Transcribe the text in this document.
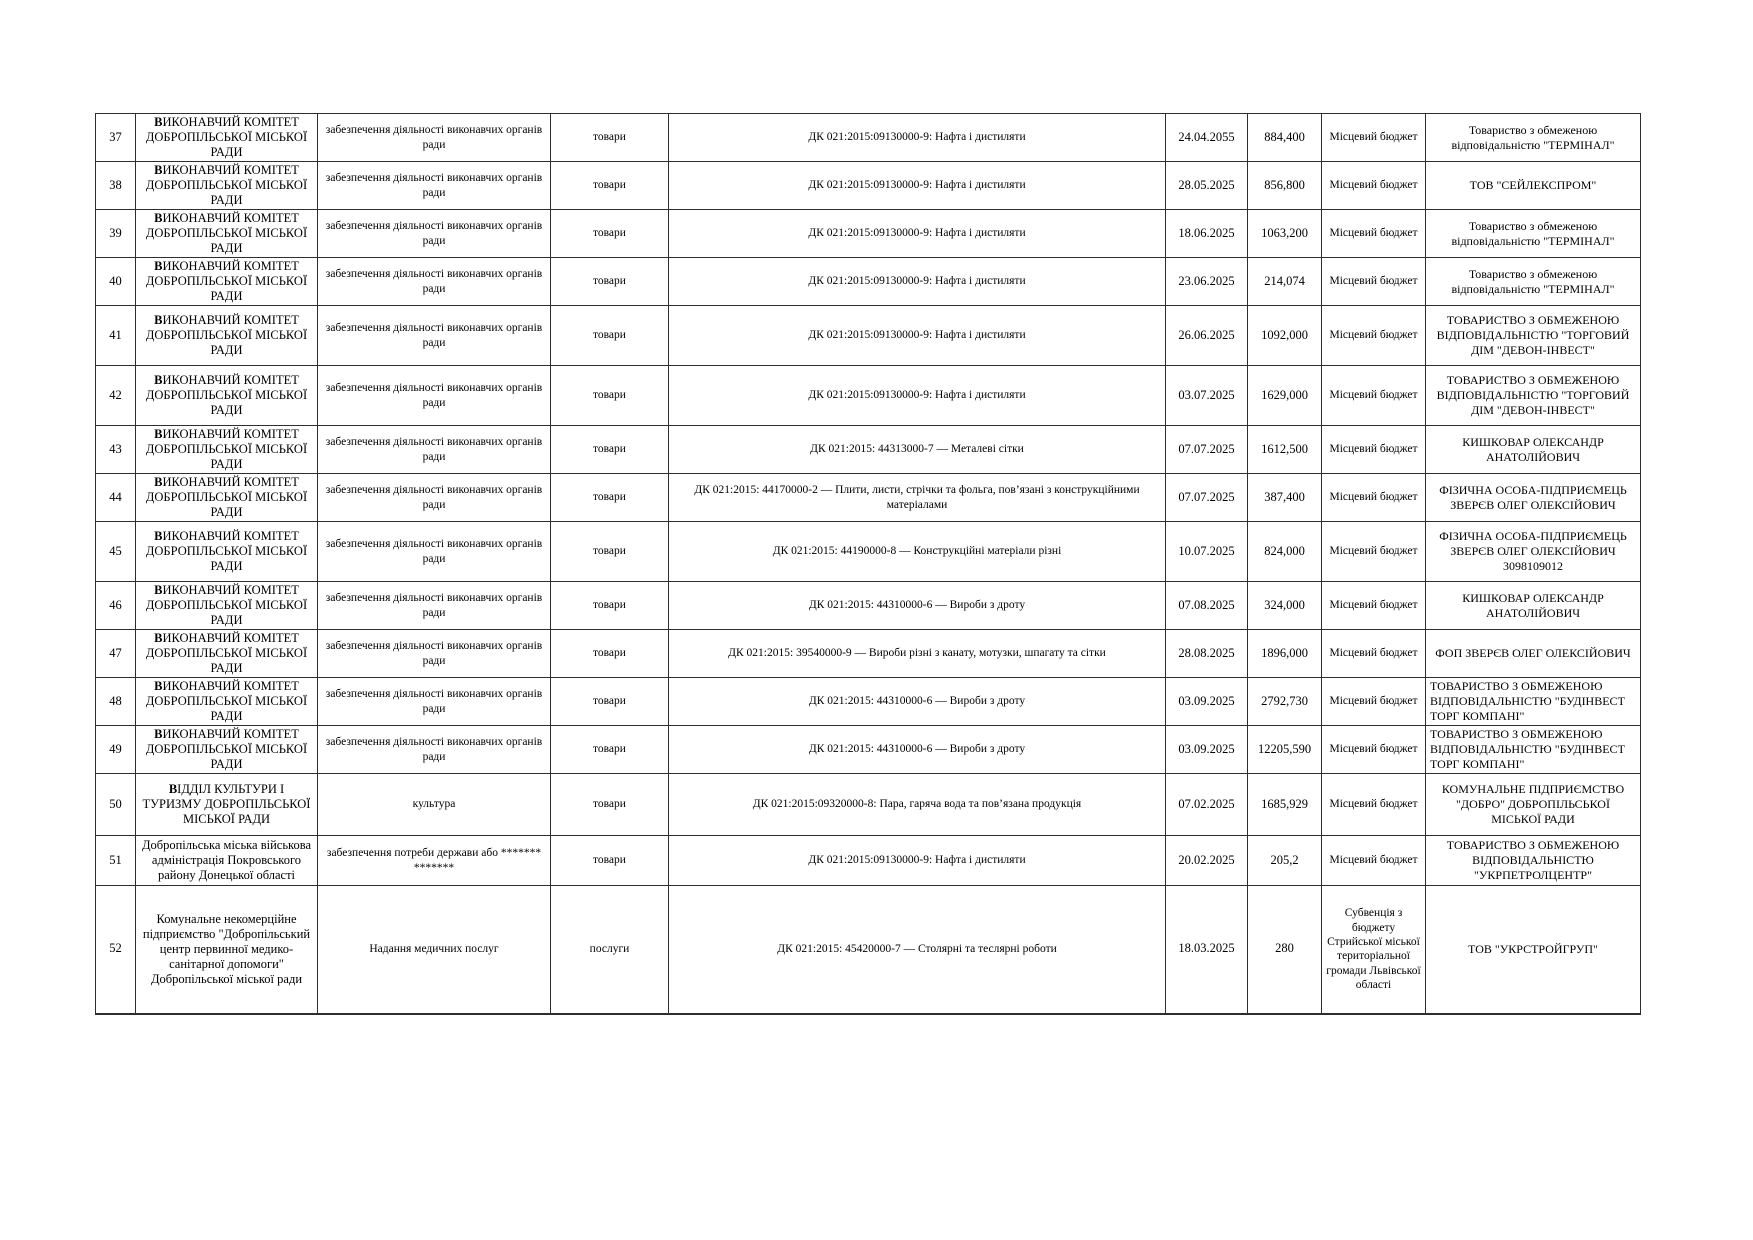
37	ВИКОНАВЧИЙ КОМІТЕТ ДОБРОПІЛЬСЬКОЇ МІСЬКОЇ РАДИ	забезпечення діяльності виконавчих органів ради	товари	ДК 021:2015:09130000-9: Нафта і дистиляти	24.04.2055	884,400	Місцевий бюджет	Товариство з обмеженою відповідальністю "ТЕРМІНАЛ"
38	ВИКОНАВЧИЙ КОМІТЕТ ДОБРОПІЛЬСЬКОЇ МІСЬКОЇ РАДИ	забезпечення діяльності виконавчих органів ради	товари	ДК 021:2015:09130000-9: Нафта і дистиляти	28.05.2025	856,800	Місцевий бюджет	ТОВ "СЕЙЛЕКСПРОМ"
39	ВИКОНАВЧИЙ КОМІТЕТ ДОБРОПІЛЬСЬКОЇ МІСЬКОЇ РАДИ	забезпечення діяльності виконавчих органів ради	товари	ДК 021:2015:09130000-9: Нафта і дистиляти	18.06.2025	1063,200	Місцевий бюджет	Товариство з обмеженою відповідальністю "ТЕРМІНАЛ"
40	ВИКОНАВЧИЙ КОМІТЕТ ДОБРОПІЛЬСЬКОЇ МІСЬКОЇ РАДИ	забезпечення діяльності виконавчих органів ради	товари	ДК 021:2015:09130000-9: Нафта і дистиляти	23.06.2025	214,074	Місцевий бюджет	Товариство з обмеженою відповідальністю "ТЕРМІНАЛ"
41	ВИКОНАВЧИЙ КОМІТЕТ ДОБРОПІЛЬСЬКОЇ МІСЬКОЇ РАДИ	забезпечення діяльності виконавчих органів ради	товари	ДК 021:2015:09130000-9: Нафта і дистиляти	26.06.2025	1092,000	Місцевий бюджет	ТОВАРИСТВО З ОБМЕЖЕНОЮ ВІДПОВІДАЛЬНІСТЮ "ТОРГОВИЙ ДІМ "ДЕВОН-ІНВЕСТ"
42	ВИКОНАВЧИЙ КОМІТЕТ ДОБРОПІЛЬСЬКОЇ МІСЬКОЇ РАДИ	забезпечення діяльності виконавчих органів ради	товари	ДК 021:2015:09130000-9: Нафта і дистиляти	03.07.2025	1629,000	Місцевий бюджет	ТОВАРИСТВО З ОБМЕЖЕНОЮ ВІДПОВІДАЛЬНІСТЮ "ТОРГОВИЙ ДІМ "ДЕВОН-ІНВЕСТ"
43	ВИКОНАВЧИЙ КОМІТЕТ ДОБРОПІЛЬСЬКОЇ МІСЬКОЇ РАДИ	забезпечення діяльності виконавчих органів ради	товари	ДК 021:2015: 44313000-7 — Металеві сітки	07.07.2025	1612,500	Місцевий бюджет	КИШКОВАР ОЛЕКСАНДР АНАТОЛІЙОВИЧ
44	ВИКОНАВЧИЙ КОМІТЕТ ДОБРОПІЛЬСЬКОЇ МІСЬКОЇ РАДИ	забезпечення діяльності виконавчих органів ради	товари	ДК 021:2015: 44170000-2 — Плити, листи, стрічки та фольга, пов’язані з конструкційними матеріалами	07.07.2025	387,400	Місцевий бюджет	ФІЗИЧНА ОСОБА-ПІДПРИЄМЕЦЬ ЗВЕРЄВ ОЛЕГ ОЛЕКСІЙОВИЧ
45	ВИКОНАВЧИЙ КОМІТЕТ ДОБРОПІЛЬСЬКОЇ МІСЬКОЇ РАДИ	забезпечення діяльності виконавчих органів ради	товари	ДК 021:2015: 44190000-8 — Конструкційні матеріали різні	10.07.2025	824,000	Місцевий бюджет	ФІЗИЧНА ОСОБА-ПІДПРИЄМЕЦЬ ЗВЕРЄВ ОЛЕГ ОЛЕКСІЙОВИЧ 3098109012
46	ВИКОНАВЧИЙ КОМІТЕТ ДОБРОПІЛЬСЬКОЇ МІСЬКОЇ РАДИ	забезпечення діяльності виконавчих органів ради	товари	ДК 021:2015: 44310000-6 — Вироби з дроту	07.08.2025	324,000	Місцевий бюджет	КИШКОВАР ОЛЕКСАНДР АНАТОЛІЙОВИЧ
47	ВИКОНАВЧИЙ КОМІТЕТ ДОБРОПІЛЬСЬКОЇ МІСЬКОЇ РАДИ	забезпечення діяльності виконавчих органів ради	товари	ДК 021:2015: 39540000-9 — Вироби різні з канату, мотузки, шпагату та сітки	28.08.2025	1896,000	Місцевий бюджет	ФОП ЗВЕРЄВ ОЛЕГ ОЛЕКСІЙОВИЧ
48	ВИКОНАВЧИЙ КОМІТЕТ ДОБРОПІЛЬСЬКОЇ МІСЬКОЇ РАДИ	забезпечення діяльності виконавчих органів ради	товари	ДК 021:2015: 44310000-6 — Вироби з дроту	03.09.2025	2792,730	Місцевий бюджет	ТОВАРИСТВО З ОБМЕЖЕНОЮ ВІДПОВІДАЛЬНІСТЮ "БУДІНВЕСТ ТОРГ КОМПАНІ"
49	ВИКОНАВЧИЙ КОМІТЕТ ДОБРОПІЛЬСЬКОЇ МІСЬКОЇ РАДИ	забезпечення діяльності виконавчих органів ради	товари	ДК 021:2015: 44310000-6 — Вироби з дроту	03.09.2025	12205,590	Місцевий бюджет	ТОВАРИСТВО З ОБМЕЖЕНОЮ ВІДПОВІДАЛЬНІСТЮ "БУДІНВЕСТ ТОРГ КОМПАНІ"
50	ВІДДІЛ КУЛЬТУРИ І ТУРИЗМУ ДОБРОПІЛЬСЬКОЇ МІСЬКОЇ РАДИ	культура	товари	ДК 021:2015:09320000-8: Пара, гаряча вода та пов’язана продукція	07.02.2025	1685,929	Місцевий бюджет	КОМУНАЛЬНЕ ПІДПРИЄМСТВО "ДОБРО" ДОБРОПІЛЬСЬКОЇ МІСЬКОЇ РАДИ
51	Добропільська міська військова адміністрація Покровського району Донецької області	забезпечення потреби держави або ******* *******	товари	ДК 021:2015:09130000-9: Нафта і дистиляти	20.02.2025	205,2	Місцевий бюджет	ТОВАРИСТВО З ОБМЕЖЕНОЮ ВІДПОВІДАЛЬНІСТЮ "УКРПЕТРОЛЦЕНТР"
52	Комунальне некомерційне підприємство "Добропільський центр первинної медико-санітарної допомоги" Добропільської міської ради	Надання медичних послуг	послуги	ДК 021:2015: 45420000-7 — Столярні та теслярні роботи	18.03.2025	280	Субвенція з бюджету Стрийської міської територіальної громади Львівської області	ТОВ "УКРСТРОЙГРУП"
